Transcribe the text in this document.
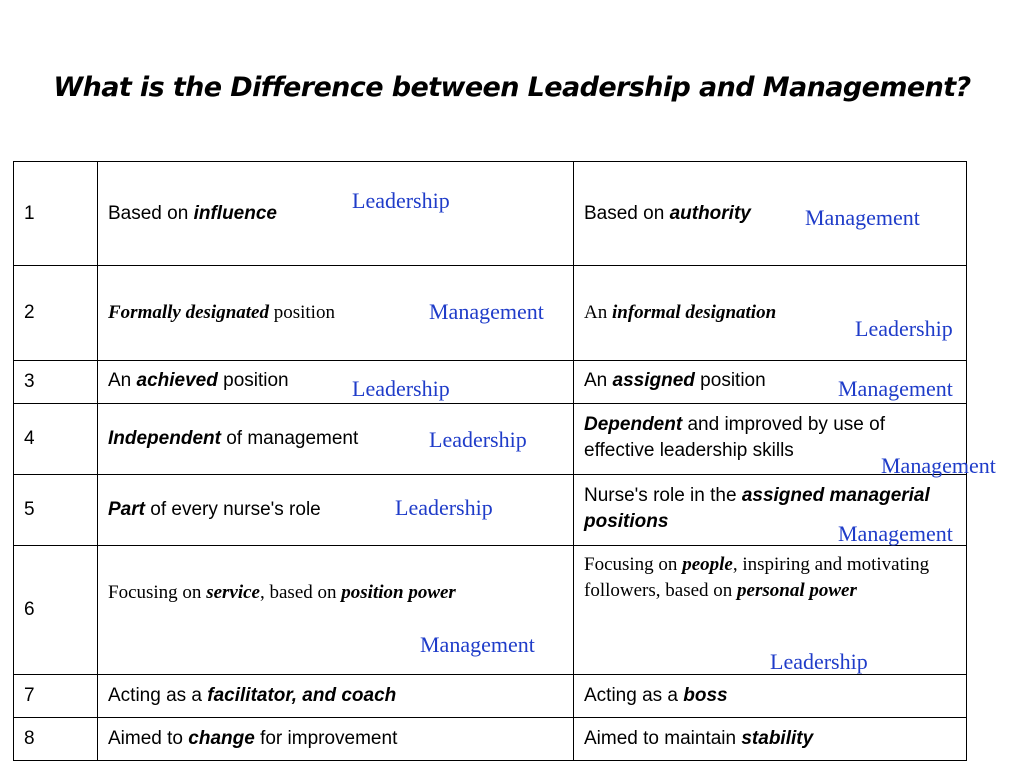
What is the Difference between Leadership and Management?
1	Based on influence	Based on authority
2	Formally designated position	An informal designation
3	An achieved position	An assigned position
4	Independent of management	Dependent and improved by use of effective leadership skills
5	Part of every nurse's role	Nurse's role in the assigned managerial positions
6	Focusing on service, based on position power	Focusing on people, inspiring and motivating followers, based on personal power
7	Acting as a facilitator, and coach	Acting as a boss
8	Aimed to change for improvement	Aimed to maintain stability
Leadership
Management
Management
Leadership
Leadership	Management
Leadership
Management
Leadership
Management
Management
Leadership
